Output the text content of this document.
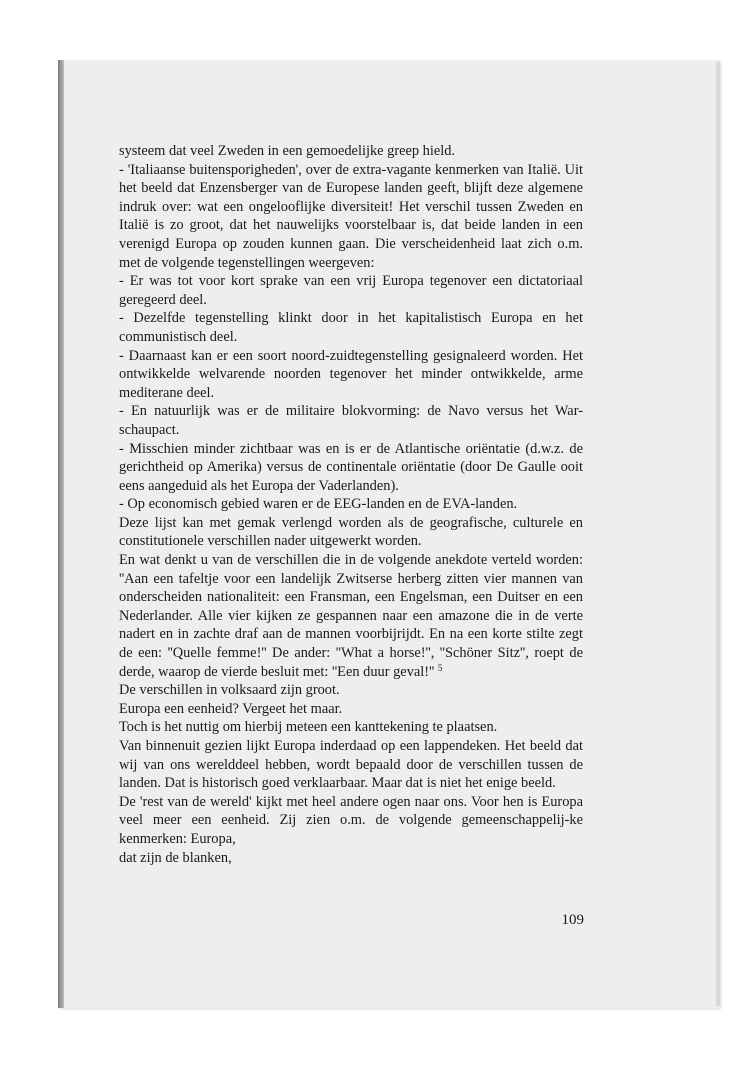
systeem dat veel Zweden in een gemoedelijke greep hield.

- 'Italiaanse buitensporigheden', over de extra-vagante kenmerken van Italië. Uit het beeld dat Enzensberger van de Europese landen geeft, blijft deze algemene indruk over: wat een ongelooflijke diversiteit! Het verschil tussen Zweden en Italië is zo groot, dat het nauwelijks voorstelbaar is, dat beide landen in een verenigd Europa op zouden kunnen gaan. Die verscheidenheid laat zich o.m. met de volgende tegenstellingen weergeven:

- Er was tot voor kort sprake van een vrij Europa tegenover een dictatoriaal geregeerd deel.

- Dezelfde tegenstelling klinkt door in het kapitalistisch Europa en het communistisch deel.

- Daarnaast kan er een soort noord-zuidtegenstelling gesignaleerd worden. Het ontwikkelde welvarende noorden tegenover het minder ontwikkelde, arme mediterane deel.

- En natuurlijk was er de militaire blokvorming: de Navo versus het War-schaupact.

- Misschien minder zichtbaar was en is er de Atlantische oriëntatie (d.w.z. de gerichtheid op Amerika) versus de continentale oriëntatie (door De Gaulle ooit eens aangeduid als het Europa der Vaderlanden).

- Op economisch gebied waren er de EEG-landen en de EVA-landen.

Deze lijst kan met gemak verlengd worden als de geografische, culturele en constitutionele verschillen nader uitgewerkt worden.

En wat denkt u van de verschillen die in de volgende anekdote verteld worden: ''Aan een tafeltje voor een landelijk Zwitserse herberg zitten vier mannen van onderscheiden nationaliteit: een Fransman, een Engelsman, een Duitser en een Nederlander. Alle vier kijken ze gespannen naar een amazone die in de verte nadert en in zachte draf aan de mannen voorbijrijdt. En na een korte stilte zegt de een: ''Quelle femme!'' De ander: ''What a horse!'', ''Schöner Sitz'', roept de derde, waarop de vierde besluit met: ''Een duur geval!'' $^5$

De verschillen in volksaard zijn groot.

Europa een eenheid? Vergeet het maar.

Toch is het nuttig om hierbij meteen een kanttekening te plaatsen.

Van binnenuit gezien lijkt Europa inderdaad op een lappendeken. Het beeld dat wij van ons werelddeel hebben, wordt bepaald door de verschillen tussen de landen. Dat is historisch goed verklaarbaar. Maar dat is niet het enige beeld.

De 'rest van de wereld' kijkt met heel andere ogen naar ons. Voor hen is Europa veel meer een eenheid. Zij zien o.m. de volgende gemeenschappelij-ke kenmerken: Europa,

dat zijn de blanken,

109
